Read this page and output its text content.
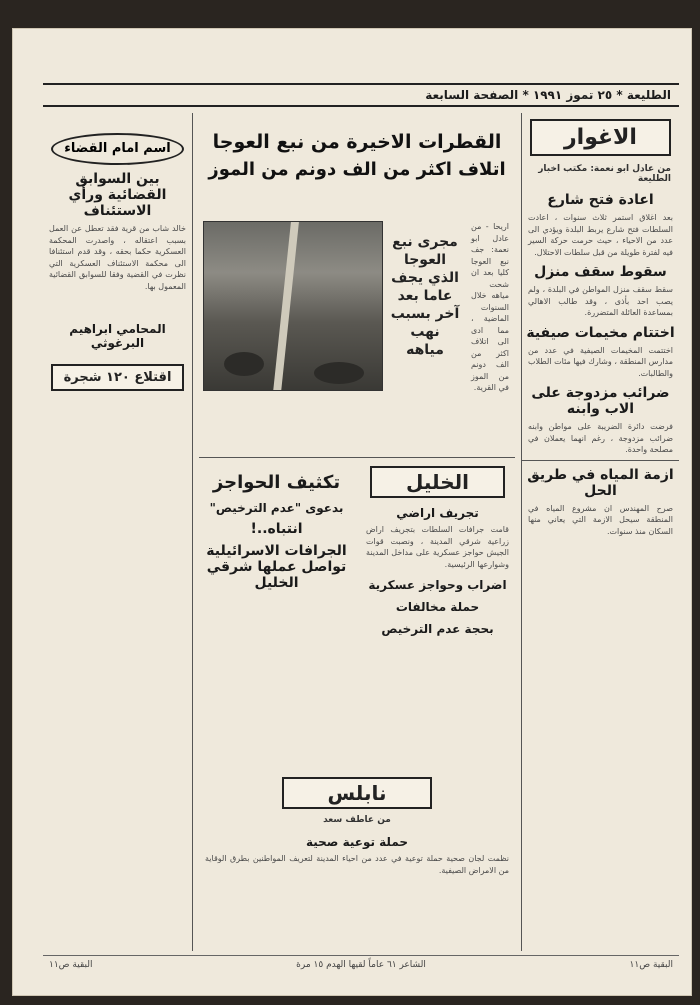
الطليعة * ٢٥ تموز ١٩٩١ * الصفحة السابعة
الاغوار
من عادل ابو نعمة: مكتب اخبار الطليعة
اعادة فتح شارع

بعد اغلاق استمر ثلاث سنوات ، اعادت السلطات فتح شارع يربط البلدة ويؤدي الى عدد من الاحياء ، حيث حرمت حركة السير فيه لفترة طويلة من قبل سلطات الاحتلال.

سقوط سقف منزل

سقط سقف منزل المواطن في البلدة ، ولم يصب احد بأذى ، وقد طالب الاهالي بمساعدة العائلة المتضررة.

اختتام مخيمات صيفية

اختتمت المخيمات الصيفية في عدد من مدارس المنطقة ، وشارك فيها مئات الطلاب والطالبات.

ضرائب مزدوجة على الاب وابنه

فرضت دائرة الضريبة على مواطن وابنه ضرائب مزدوجة ، رغم انهما يعملان في مصلحة واحدة.

ازمة المياه في طريق الحل

صرح المهندس ان مشروع المياه في المنطقة سيحل الازمة التي يعاني منها السكان منذ سنوات.

اسم امام القضاء
بين السوابق القضائية ورأي الاستئناف

خالد شاب من قرية فقد تعطل عن العمل بسبب اعتقاله ، واصدرت المحكمة العسكرية حكما بحقه ، وقد قدم استئنافا الى محكمة الاستئناف العسكرية التي نظرت في القضية وفقا للسوابق القضائية المعمول بها.

المحامي ابراهيم البرغوثي
اقتلاع ١٢٠ شجرة
القطرات الاخيرة من نبع العوجا
اتلاف اكثر من الف دونم من الموز
مجرى نبع العوجا الذي يجف عاما بعد آخر بسبب نهب مياهه

اريحا - من عادل ابو نعمة: جف نبع العوجا كليا بعد ان شحت مياهه خلال السنوات الماضية ، مما ادى الى اتلاف اكثر من الف دونم من الموز في القرية.

الخليل
تجريف اراضي

قامت جرافات السلطات بتجريف اراض زراعية شرقي المدينة ، ونصبت قوات الجيش حواجز عسكرية على مداخل المدينة وشوارعها الرئيسية.

اضراب وحواجز عسكرية
حملة مخالفات
بحجة عدم الترخيص
تكثيف الحواجز
بدعوى "عدم الترخيص"
انتباه..!
الجرافات الاسرائيلية تواصل عملها شرقي الخليل
نابلس
من عاطف سعد
حملة توعية صحية

نظمت لجان صحية حملة توعية في عدد من احياء المدينة لتعريف المواطنين بطرق الوقاية من الامراض الصيفية.

البقية ص١١
الشاعر ٦١ عاماً لقيها الهدم ١٥ مرة
البقية ص١١
